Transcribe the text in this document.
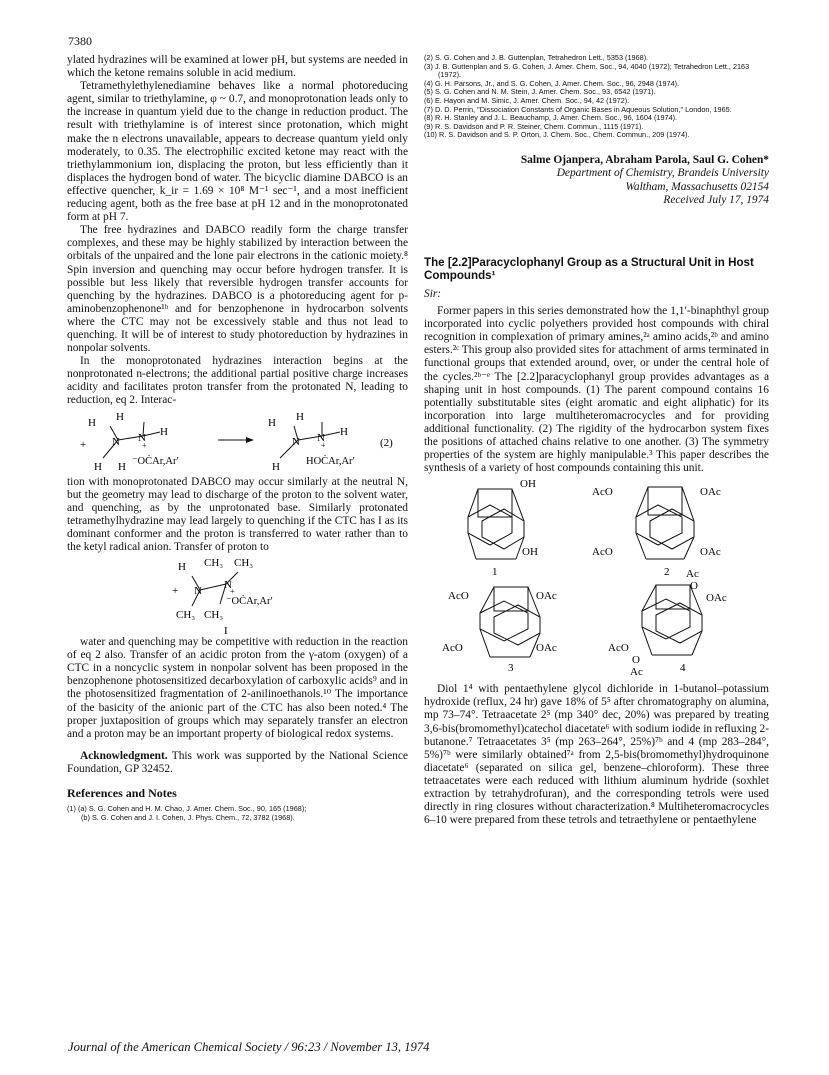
7380

ylated hydrazines will be examined at lower pH, but systems are needed in which the ketone remains soluble in acid medium.

Tetramethylethylenediamine behaves like a normal photoreducing agent, similar to triethylamine, φ ~ 0.7, and monoprotonation leads only to the increase in quantum yield due to the change in reduction product. The result with triethylamine is of interest since protonation, which might make the n electrons unavailable, appears to decrease quantum yield only moderately, to 0.35. The electrophilic excited ketone may react with the triethylammonium ion, displacing the proton, but less efficiently than it displaces the hydrogen bond of water. The bicyclic diamine DABCO is an effective quencher, k_ir = 1.69 × 10⁸ M⁻¹ sec⁻¹, and a most inefficient reducing agent, both as the free base at pH 12 and in the monoprotonated form at pH 7.

The free hydrazines and DABCO readily form the charge transfer complexes, and these may be highly stabilized by interaction between the orbitals of the unpaired and the lone pair electrons in the cationic moiety.⁸ Spin inversion and quenching may occur before hydrogen transfer. It is possible but less likely that reversible hydrogen transfer accounts for quenching by the hydrazines. DABCO is a photoreducing agent for p-aminobenzophenone¹ᵇ and for benzophenone in hydrocarbon solvents where the CTC may not be excessively stable and thus not lead to quenching. It will be of interest to study photoreduction by hydrazines in nonpolar solvents.

In the monoprotonated hydrazines interaction begins at the nonprotonated n-electrons; the additional partial positive charge increases acidity and facilitates proton transfer from the protonated N, leading to reduction, eq 2. Interac-

H H
+ N N
+
H
H H
H H
N N
+
H
H
⁻OĊAr,Ar′	HOĊAr,Ar′
(2)

tion with monoprotonated DABCO may occur similarly at the neutral N, but the geometry may lead to discharge of the proton to the solvent water, and quenching, as by the unprotonated base. Similarly protonated tetramethylhydrazine may lead largely to quenching if the CTC has I as its dominant conformer and the proton is transferred to water rather than to the ketyl radical anion. Transfer of proton to

H CH₃ CH₃
+ N N
+
CH₃ CH₃
⁻OĊAr,Ar′
I

water and quenching may be competitive with reduction in the reaction of eq 2 also. Transfer of an acidic proton from the γ-atom (oxygen) of a CTC in a noncyclic system in nonpolar solvent has been proposed in the benzophenone photosensitized decarboxylation of carboxylic acids⁹ and in the photosensitized fragmentation of 2-anilinoethanols.¹⁰ The importance of the basicity of the anionic part of the CTC has also been noted.⁴ The proper juxtaposition of groups which may separately transfer an electron and a proton may be an important property of biological redox systems.

Acknowledgment. This work was supported by the National Science Foundation, GP 32452.

References and Notes

(1) (a) S. G. Cohen and H. M. Chao, J. Amer. Chem. Soc., 90, 165 (1968);
(b) S. G. Cohen and J. I. Cohen, J. Phys. Chem., 72, 3782 (1968).
(2) S. G. Cohen and J. B. Guttenplan, Tetrahedron Lett., 5353 (1968).
(3) J. B. Guttenplan and S. G. Cohen, J. Amer. Chem. Soc., 94, 4040 (1972); Tetrahedron Lett., 2163 (1972).
(4) G. H. Parsons, Jr., and S. G. Cohen, J. Amer. Chem. Soc., 96, 2948 (1974).
(5) S. G. Cohen and N. M. Stein, J. Amer. Chem. Soc., 93, 6542 (1971).
(6) E. Hayon and M. Simic, J. Amer. Chem. Soc., 94, 42 (1972).
(7) D. D. Perrin, "Dissociation Constants of Organic Bases in Aqueous Solution," London, 1965.
(8) R. H. Stanley and J. L. Beauchamp, J. Amer. Chem. Soc., 96, 1604 (1974).
(9) R. S. Davidson and P. R. Steiner, Chem. Commun., 1115 (1971).
(10) R. S. Davidson and S. P. Orton, J. Chem. Soc., Chem. Commun., 209 (1974).
Salme Ojanpera, Abraham Parola, Saul G. Cohen*
Department of Chemistry, Brandeis University
Waltham, Massachusetts 02154
Received July 17, 1974
The [2.2]Paracyclophanyl Group as a Structural Unit in Host Compounds¹

Sir:

Former papers in this series demonstrated how the 1,1′-binaphthyl group incorporated into cyclic polyethers provided host compounds with chiral recognition in complexation of primary amines,²ᵃ amino acids,²ᵇ and amino esters.²ᶜ This group also provided sites for attachment of arms terminated in functional groups that extended around, over, or under the central hole of the cycles.²ᵇ⁻ᵉ The [2.2]paracyclophanyl group provides advantages as a shaping unit in host compounds. (1) The parent compound contains 16 potentially substitutable sites (eight aromatic and eight aliphatic) for its incorporation into large multiheteromacrocycles and for providing additional functionality. (2) The rigidity of the hydrocarbon system fixes the positions of attached chains relative to one another. (3) The symmetry properties of the system are highly manipulable.³ This paper describes the synthesis of a variety of host compounds containing this unit.

OH
OH
1
AcO	OAc
AcO	OAc
2
AcO	OAc
AcO	OAc
3
Ac
O
OAc
AcO
O
Ac	4

Diol 1⁴ with pentaethylene glycol dichloride in 1-butanol–potassium hydroxide (reflux, 24 hr) gave 18% of 5⁵ after chromatography on alumina, mp 73–74°. Tetraacetate 2⁵ (mp 340° dec, 20%) was prepared by treating 3,6-bis(bromomethyl)catechol diacetate⁶ with sodium iodide in refluxing 2-butanone.⁷ Tetraacetates 3⁵ (mp 263–264°, 25%)⁷ᵇ and 4 (mp 283–284°, 5%)⁷ᵇ were similarly obtained⁷ᵃ from 2,5-bis(bromomethyl)hydroquinone diacetate⁶ (separated on silica gel, benzene–chloroform). These three tetraacetates were each reduced with lithium aluminum hydride (soxhlet extraction by tetrahydrofuran), and the corresponding tetrols were used directly in ring closures without characterization.⁸ Multiheteromacrocycles 6–10 were prepared from these tetrols and tetraethylene or pentaethylene

Journal of the American Chemical Society / 96:23 / November 13, 1974
